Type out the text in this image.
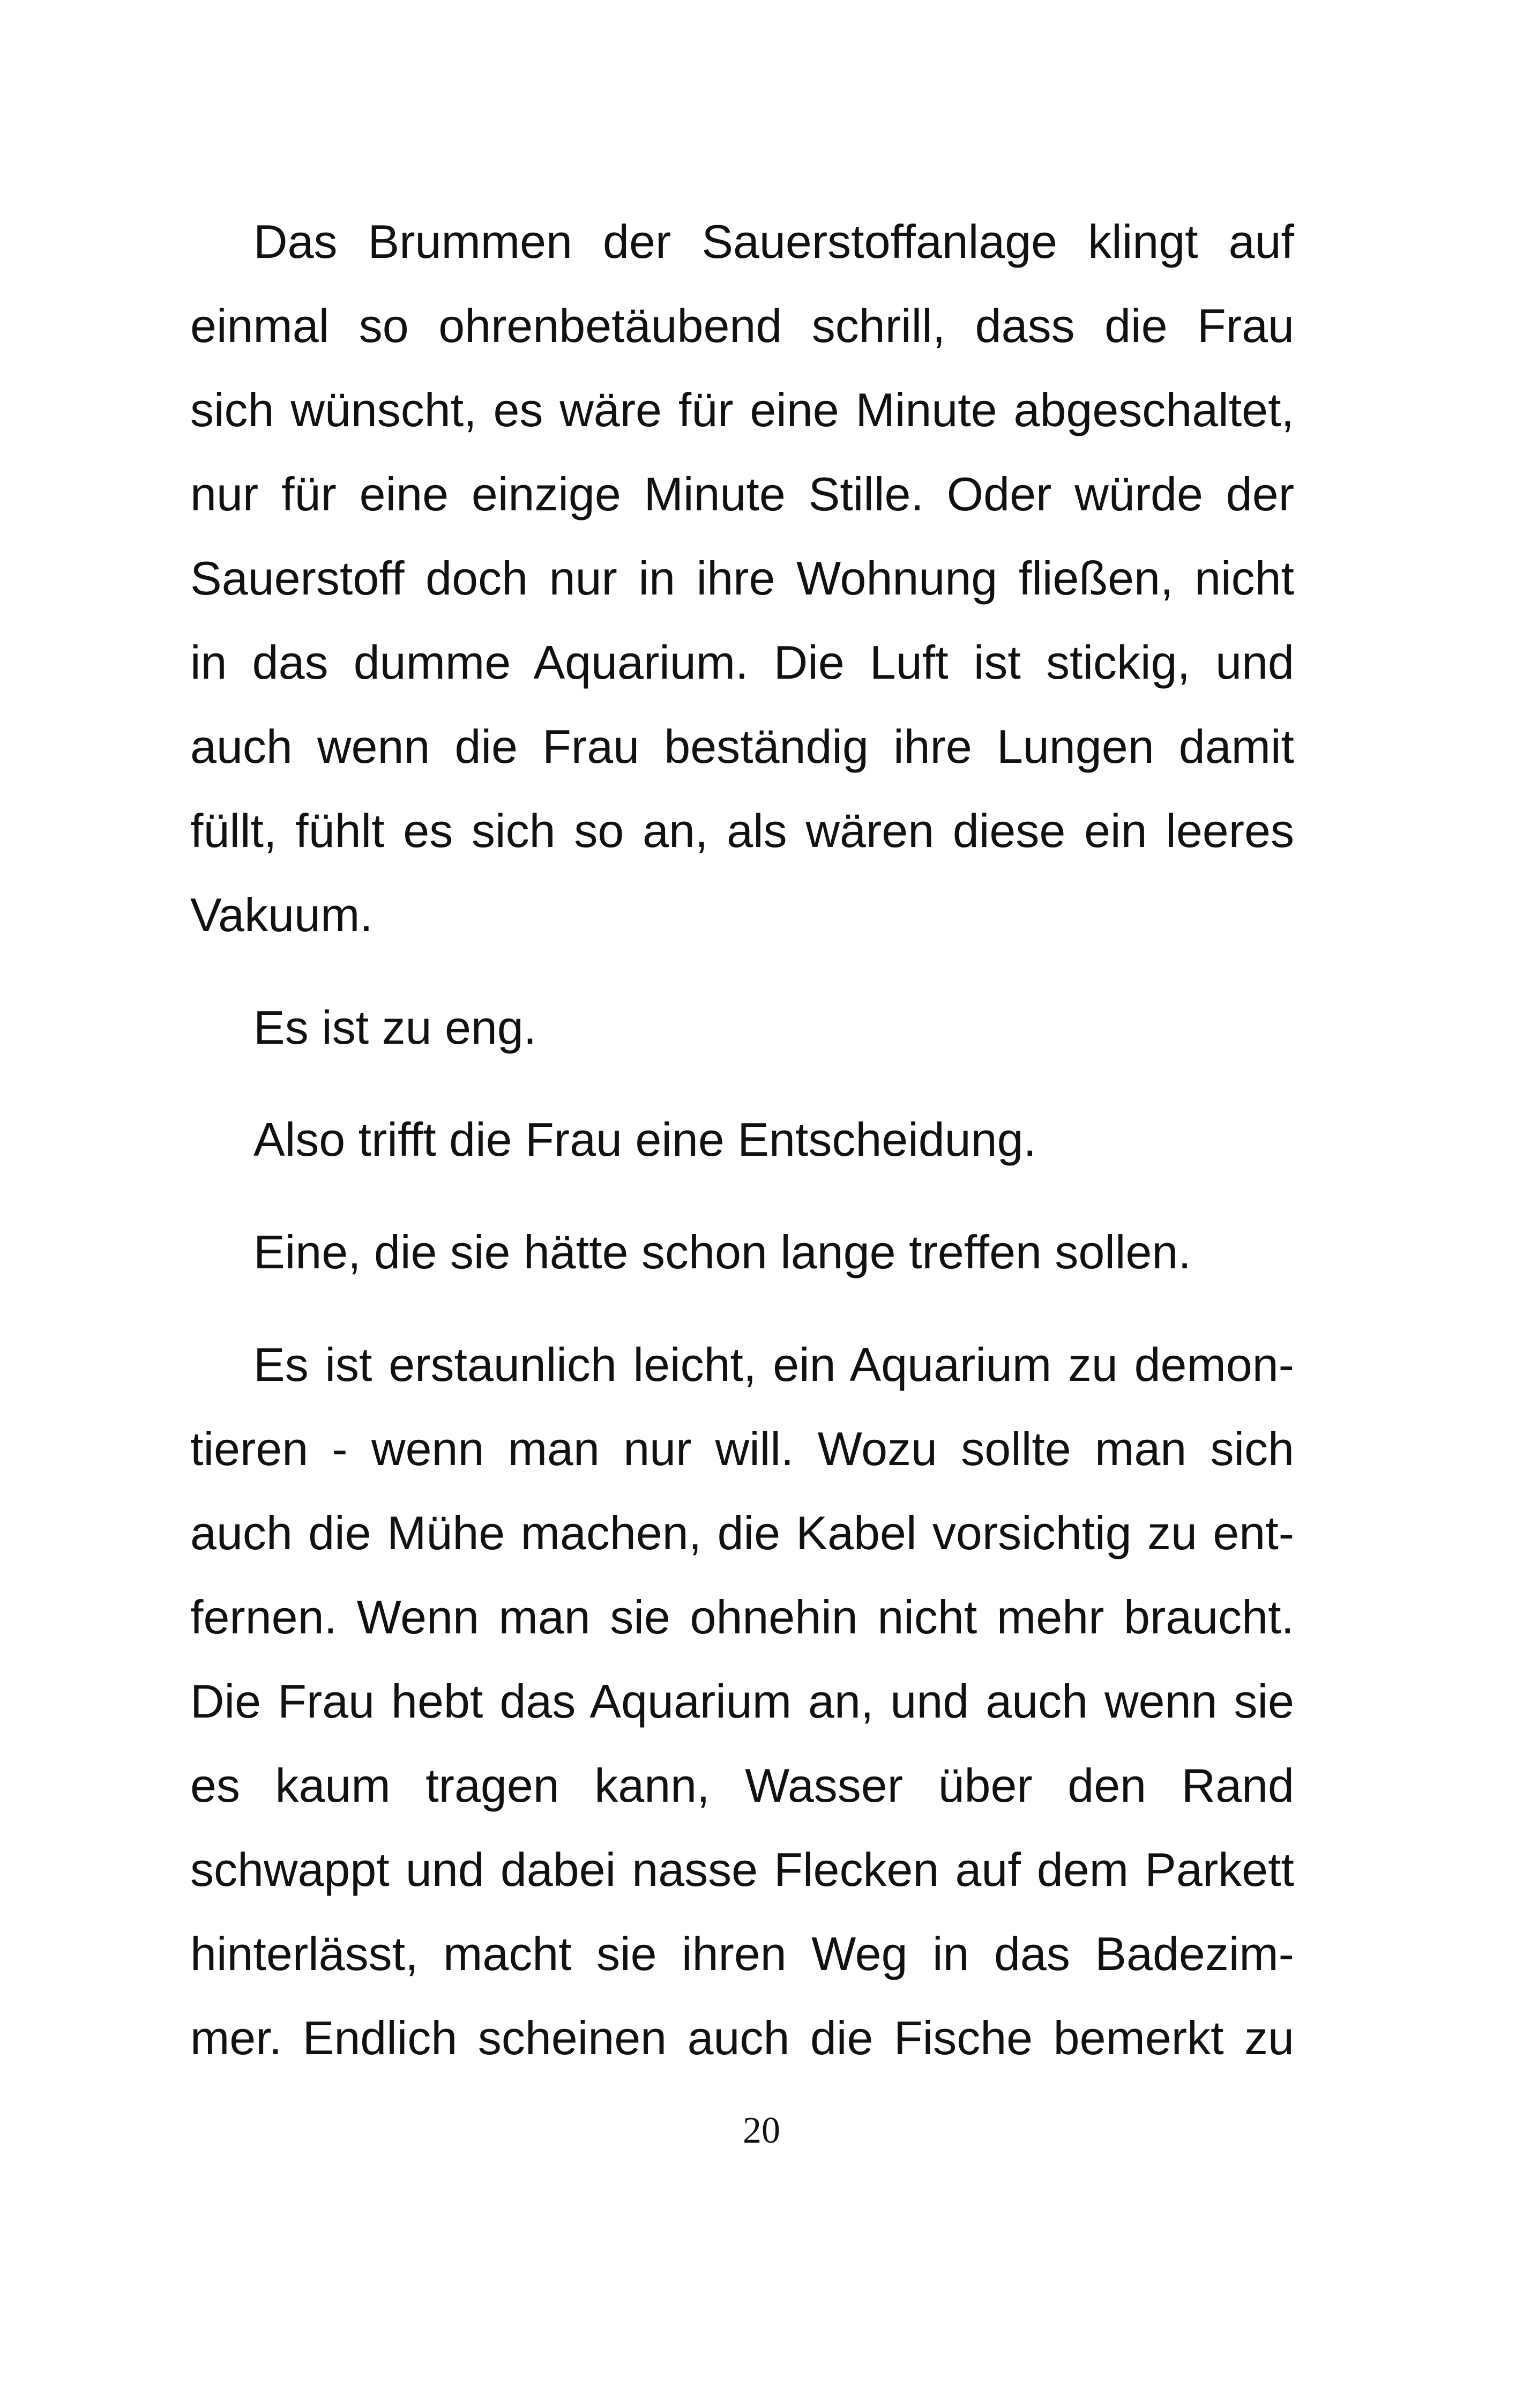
Das Brummen der Sauerstoffanlage klingt auf
einmal so ohrenbetäubend schrill, dass die Frau
sich wünscht, es wäre für eine Minute abgeschaltet,
nur für eine einzige Minute Stille. Oder würde der
Sauerstoff doch nur in ihre Wohnung fließen, nicht
in das dumme Aquarium. Die Luft ist stickig, und
auch wenn die Frau beständig ihre Lungen damit
füllt, fühlt es sich so an, als wären diese ein leeres
Vakuum.
Es ist zu eng.
Also trifft die Frau eine Entscheidung.
Eine, die sie hätte schon lange treffen sollen.
Es ist erstaunlich leicht, ein Aquarium zu demon-
tieren - wenn man nur will. Wozu sollte man sich
auch die Mühe machen, die Kabel vorsichtig zu ent-
fernen. Wenn man sie ohnehin nicht mehr braucht.
Die Frau hebt das Aquarium an, und auch wenn sie
es kaum tragen kann, Wasser über den Rand
schwappt und dabei nasse Flecken auf dem Parkett
hinterlässt, macht sie ihren Weg in das Badezim-
mer. Endlich scheinen auch die Fische bemerkt zu
20
